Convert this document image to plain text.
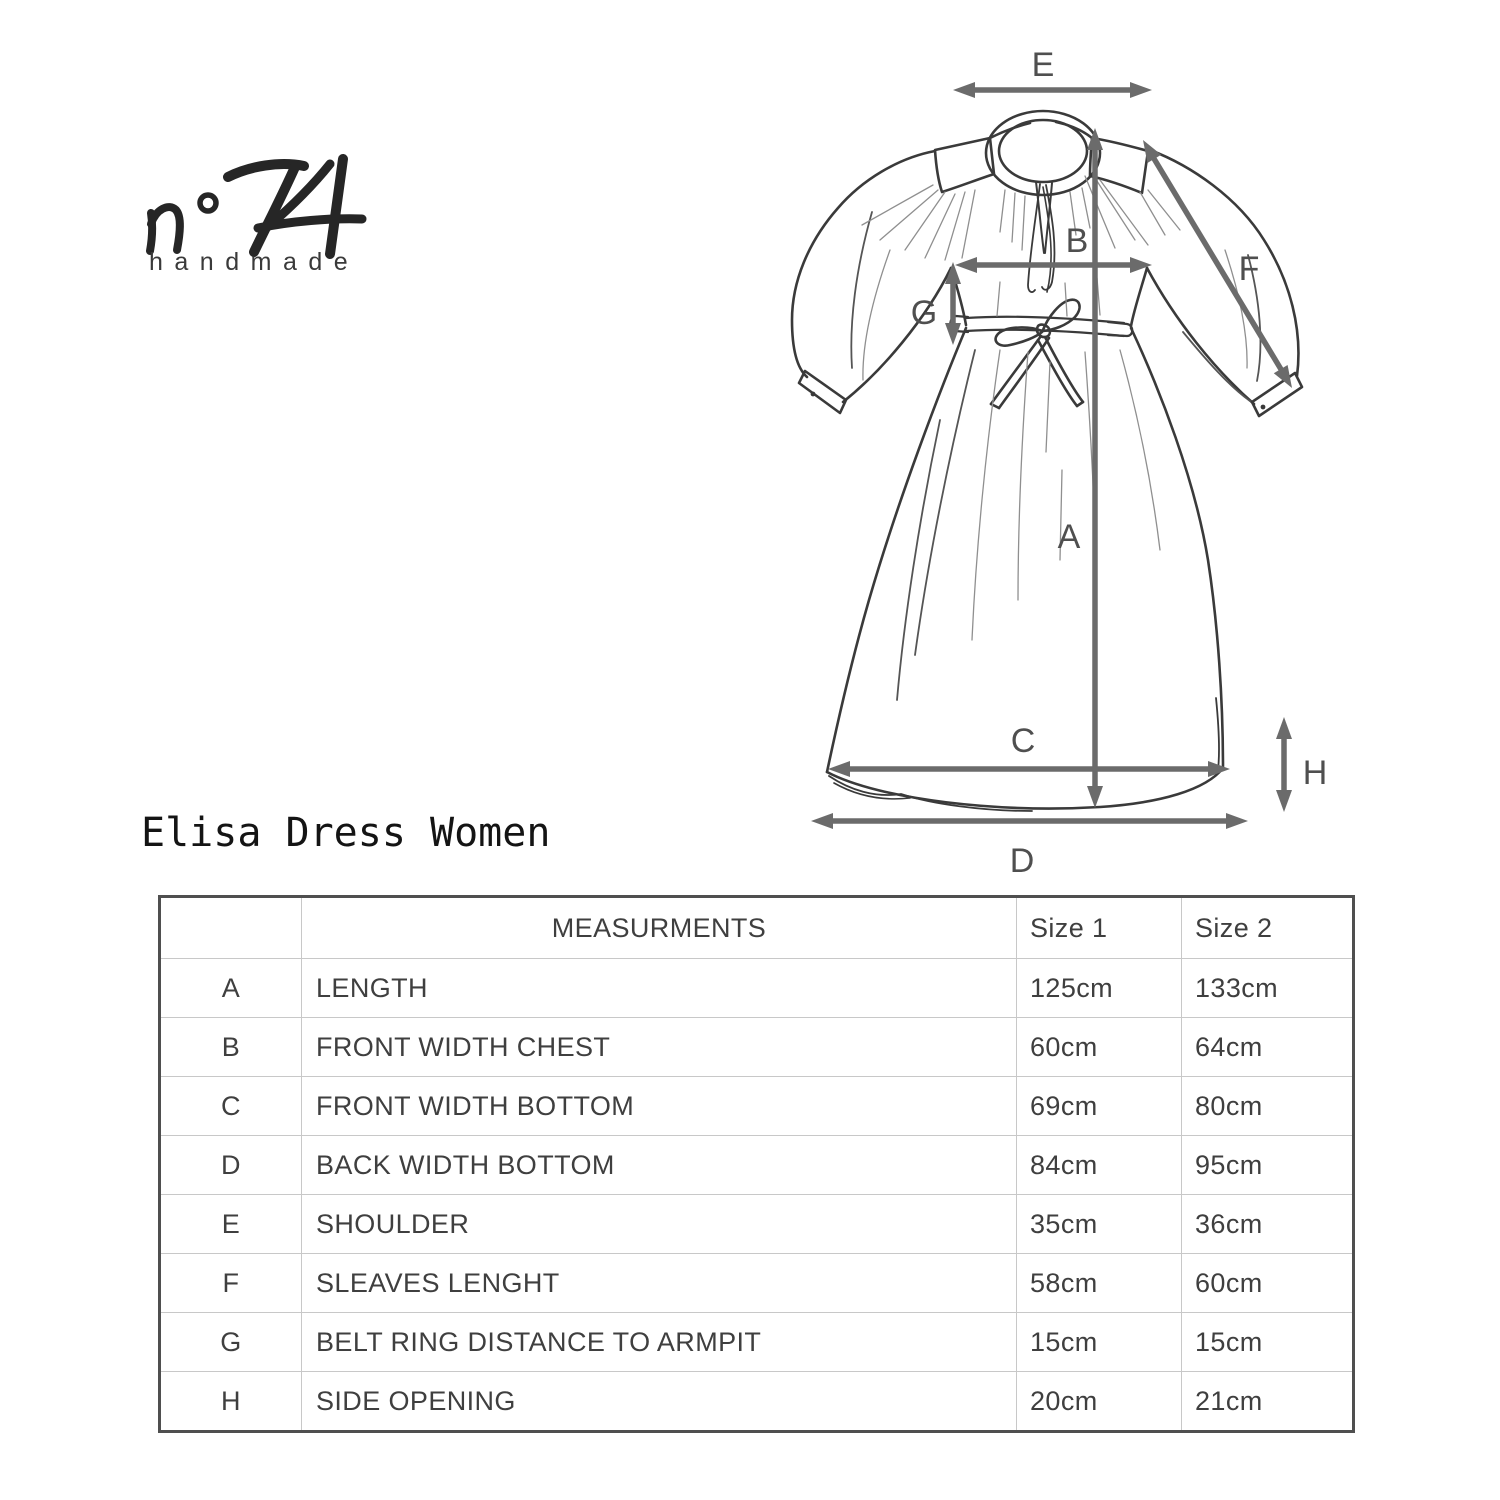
A
B
C
D
E
F
G
H
handmade
Elisa Dress Women
	MEASURMENTS	Size 1	Size 2
A	LENGTH	125cm	133cm
B	FRONT WIDTH CHEST	60cm	64cm
C	FRONT WIDTH BOTTOM	69cm	80cm
D	BACK WIDTH BOTTOM	84cm	95cm
E	SHOULDER	35cm	36cm
F	SLEAVES LENGHT	58cm	60cm
G	BELT RING DISTANCE TO ARMPIT	15cm	15cm
H	SIDE OPENING	20cm	21cm
